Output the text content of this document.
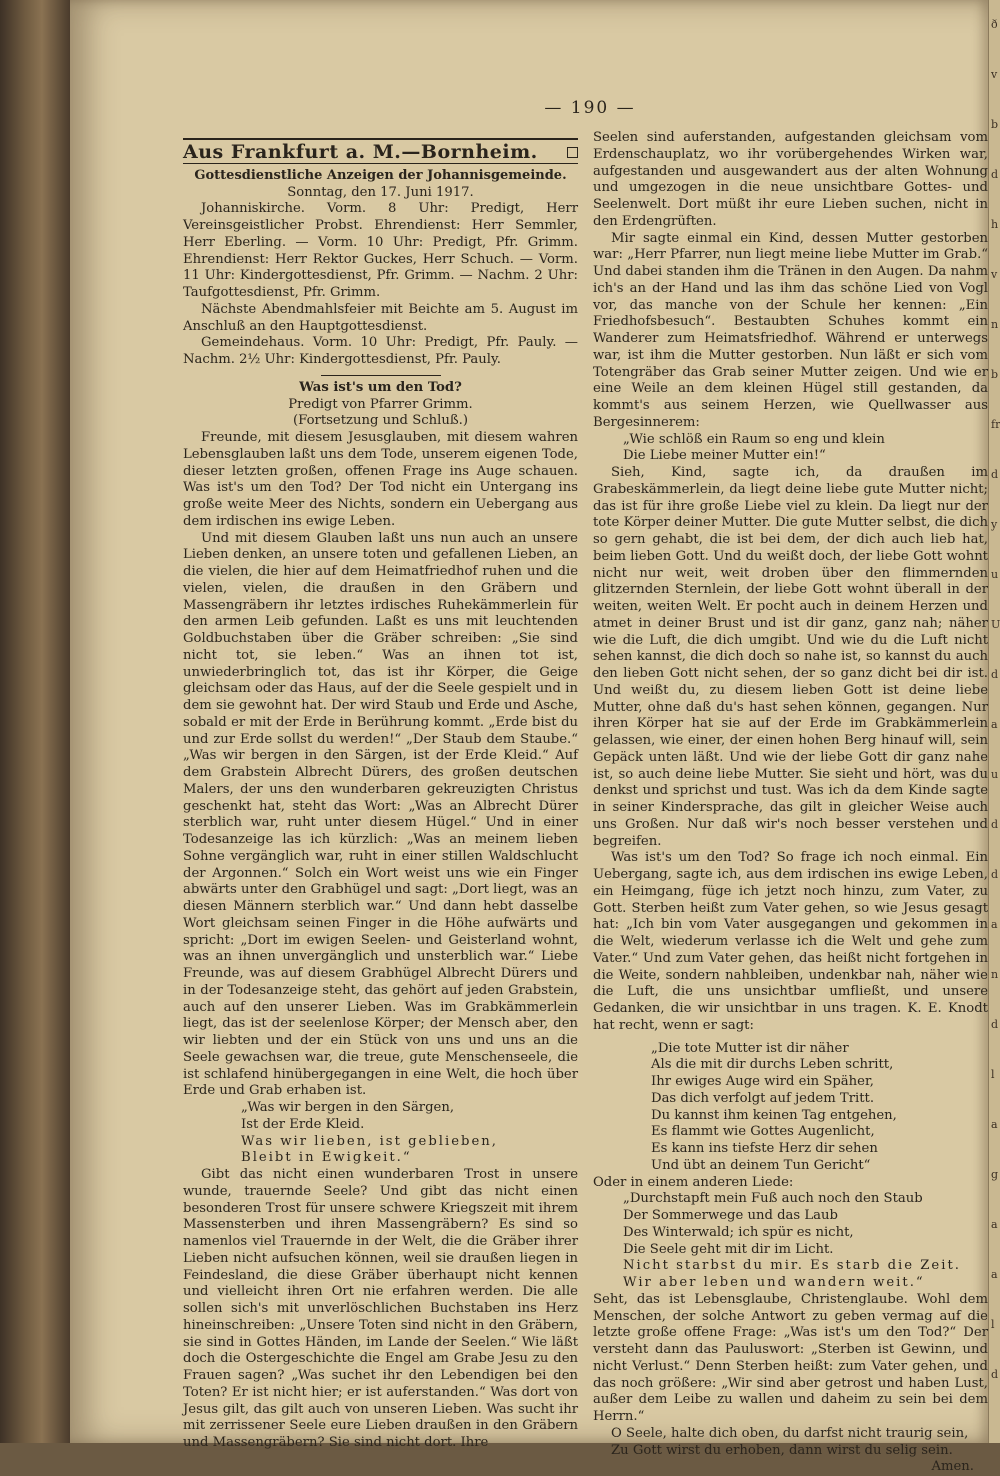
ð
v
b
d
h
v
n
b
fr
d
y
u
U
d
a
u
d
d
a
n
d
l
a
g
a
a
l
d
— 190 —
Aus Frankfurt a. M.—Bornheim.
Gottesdienstliche Anzeigen der Johannisgemeinde.
Sonntag, den 17. Juni 1917.

Johanniskirche. Vorm. 8 Uhr: Predigt, Herr Vereinsgeistlicher Probst. Ehrendienst: Herr Semmler, Herr Eberling. — Vorm. 10 Uhr: Predigt, Pfr. Grimm. Ehrendienst: Herr Rektor Guckes, Herr Schuch. — Vorm. 11 Uhr: Kindergottesdienst, Pfr. Grimm. — Nachm. 2 Uhr: Taufgottesdienst, Pfr. Grimm.

Nächste Abendmahlsfeier mit Beichte am 5. August im Anschluß an den Hauptgottesdienst.

Gemeindehaus. Vorm. 10 Uhr: Predigt, Pfr. Pauly. — Nachm. 2½ Uhr: Kindergottesdienst, Pfr. Pauly.

Was ist's um den Tod?
Predigt von Pfarrer Grimm.
(Fortsetzung und Schluß.)

Freunde, mit diesem Jesusglauben, mit diesem wahren Lebensglauben laßt uns dem Tode, unserem eigenen Tode, dieser letzten großen, offenen Frage ins Auge schauen. Was ist's um den Tod? Der Tod nicht ein Untergang ins große weite Meer des Nichts, sondern ein Uebergang aus dem irdischen ins ewige Leben.

Und mit diesem Glauben laßt uns nun auch an unsere Lieben denken, an unsere toten und gefallenen Lieben, an die vielen, die hier auf dem Heimatfriedhof ruhen und die vielen, vielen, die draußen in den Gräbern und Massengräbern ihr letztes irdisches Ruhekämmerlein für den armen Leib gefunden. Laßt es uns mit leuchtenden Goldbuchstaben über die Gräber schreiben: „Sie sind nicht tot, sie leben.“ Was an ihnen tot ist, unwiederbringlich tot, das ist ihr Körper, die Geige gleichsam oder das Haus, auf der die Seele gespielt und in dem sie gewohnt hat. Der wird Staub und Erde und Asche, sobald er mit der Erde in Berührung kommt. „Erde bist du und zur Erde sollst du werden!“ „Der Staub dem Staube.“ „Was wir bergen in den Särgen, ist der Erde Kleid.“ Auf dem Grabstein Albrecht Dürers, des großen deutschen Malers, der uns den wunderbaren gekreuzigten Christus geschenkt hat, steht das Wort: „Was an Albrecht Dürer sterblich war, ruht unter diesem Hügel.“ Und in einer Todesanzeige las ich kürzlich: „Was an meinem lieben Sohne vergänglich war, ruht in einer stillen Waldschlucht der Argonnen.“ Solch ein Wort weist uns wie ein Finger abwärts unter den Grabhügel und sagt: „Dort liegt, was an diesen Männern sterblich war.“ Und dann hebt dasselbe Wort gleichsam seinen Finger in die Höhe aufwärts und spricht: „Dort im ewigen Seelen- und Geisterland wohnt, was an ihnen unvergänglich und unsterblich war.“ Liebe Freunde, was auf diesem Grabhügel Albrecht Dürers und in der Todesanzeige steht, das gehört auf jeden Grabstein, auch auf den unserer Lieben. Was im Grabkämmerlein liegt, das ist der seelenlose Körper; der Mensch aber, den wir liebten und der ein Stück von uns und uns an die Seele gewachsen war, die treue, gute Menschenseele, die ist schlafend hinübergegangen in eine Welt, die hoch über Erde und Grab erhaben ist.

„Was wir bergen in den Särgen,
Ist der Erde Kleid.
Was wir lieben, ist geblieben,
Bleibt in Ewigkeit.“

Gibt das nicht einen wunderbaren Trost in unsere wunde, trauernde Seele? Und gibt das nicht einen besonderen Trost für unsere schwere Kriegszeit mit ihrem Massensterben und ihren Massengräbern? Es sind so namenlos viel Trauernde in der Welt, die die Gräber ihrer Lieben nicht aufsuchen können, weil sie draußen liegen in Feindesland, die diese Gräber überhaupt nicht kennen und vielleicht ihren Ort nie erfahren werden. Die alle sollen sich's mit unverlöschlichen Buchstaben ins Herz hineinschreiben: „Unsere Toten sind nicht in den Gräbern, sie sind in Gottes Händen, im Lande der Seelen.“ Wie läßt doch die Ostergeschichte die Engel am Grabe Jesu zu den Frauen sagen? „Was suchet ihr den Lebendigen bei den Toten? Er ist nicht hier; er ist auferstanden.“ Was dort von Jesus gilt, das gilt auch von unseren Lieben. Was sucht ihr mit zerrissener Seele eure Lieben draußen in den Gräbern und Massengräbern? Sie sind nicht dort. Ihre

Seelen sind auferstanden, aufgestanden gleichsam vom Erdenschauplatz, wo ihr vorübergehendes Wirken war, aufgestanden und ausgewandert aus der alten Wohnung und umgezogen in die neue unsichtbare Gottes- und Seelenwelt. Dort müßt ihr eure Lieben suchen, nicht in den Erdengrüften.

Mir sagte einmal ein Kind, dessen Mutter gestorben war: „Herr Pfarrer, nun liegt meine liebe Mutter im Grab.“ Und dabei standen ihm die Tränen in den Augen. Da nahm ich's an der Hand und las ihm das schöne Lied von Vogl vor, das manche von der Schule her kennen: „Ein Friedhofsbesuch“. Bestaubten Schuhes kommt ein Wanderer zum Heimatsfriedhof. Während er unterwegs war, ist ihm die Mutter gestorben. Nun läßt er sich vom Totengräber das Grab seiner Mutter zeigen. Und wie er eine Weile an dem kleinen Hügel still gestanden, da kommt's aus seinem Herzen, wie Quellwasser aus Bergesinnerem:

„Wie schlöß ein Raum so eng und klein
Die Liebe meiner Mutter ein!“

Sieh, Kind, sagte ich, da draußen im Grabeskämmerlein, da liegt deine liebe gute Mutter nicht; das ist für ihre große Liebe viel zu klein. Da liegt nur der tote Körper deiner Mutter. Die gute Mutter selbst, die dich so gern gehabt, die ist bei dem, der dich auch lieb hat, beim lieben Gott. Und du weißt doch, der liebe Gott wohnt nicht nur weit, weit droben über den flimmernden glitzernden Sternlein, der liebe Gott wohnt überall in der weiten, weiten Welt. Er pocht auch in deinem Herzen und atmet in deiner Brust und ist dir ganz, ganz nah; näher wie die Luft, die dich umgibt. Und wie du die Luft nicht sehen kannst, die dich doch so nahe ist, so kannst du auch den lieben Gott nicht sehen, der so ganz dicht bei dir ist. Und weißt du, zu diesem lieben Gott ist deine liebe Mutter, ohne daß du's hast sehen können, gegangen. Nur ihren Körper hat sie auf der Erde im Grabkämmerlein gelassen, wie einer, der einen hohen Berg hinauf will, sein Gepäck unten läßt. Und wie der liebe Gott dir ganz nahe ist, so auch deine liebe Mutter. Sie sieht und hört, was du denkst und sprichst und tust. Was ich da dem Kinde sagte in seiner Kindersprache, das gilt in gleicher Weise auch uns Großen. Nur daß wir's noch besser verstehen und begreifen.

Was ist's um den Tod? So frage ich noch einmal. Ein Uebergang, sagte ich, aus dem irdischen ins ewige Leben, ein Heimgang, füge ich jetzt noch hinzu, zum Vater, zu Gott. Sterben heißt zum Vater gehen, so wie Jesus gesagt hat: „Ich bin vom Vater ausgegangen und gekommen in die Welt, wiederum verlasse ich die Welt und gehe zum Vater.“ Und zum Vater gehen, das heißt nicht fortgehen in die Weite, sondern nahbleiben, undenkbar nah, näher wie die Luft, die uns unsichtbar umfließt, und unsere Gedanken, die wir unsichtbar in uns tragen. K. E. Knodt hat recht, wenn er sagt:

„Die tote Mutter ist dir näher
Als die mit dir durchs Leben schritt,
Ihr ewiges Auge wird ein Späher,
Das dich verfolgt auf jedem Tritt.
Du kannst ihm keinen Tag entgehen,
Es flammt wie Gottes Augenlicht,
Es kann ins tiefste Herz dir sehen
Und übt an deinem Tun Gericht“

Oder in einem anderen Liede:

„Durchstapft mein Fuß auch noch den Staub
Der Sommerwege und das Laub
Des Winterwald; ich spür es nicht,
Die Seele geht mit dir im Licht.
Nicht starbst du mir. Es starb die Zeit.
Wir aber leben und wandern weit.“

Seht, das ist Lebensglaube, Christenglaube. Wohl dem Menschen, der solche Antwort zu geben vermag auf die letzte große offene Frage: „Was ist's um den Tod?“ Der versteht dann das Pauluswort: „Sterben ist Gewinn, und nicht Verlust.“ Denn Sterben heißt: zum Vater gehen, und das noch größere: „Wir sind aber getrost und haben Lust, außer dem Leibe zu wallen und daheim zu sein bei dem Herrn.“

O Seele, halte dich oben, du darfst nicht traurig sein,
Zu Gott wirst du erhoben, dann wirst du selig sein.
Amen.
